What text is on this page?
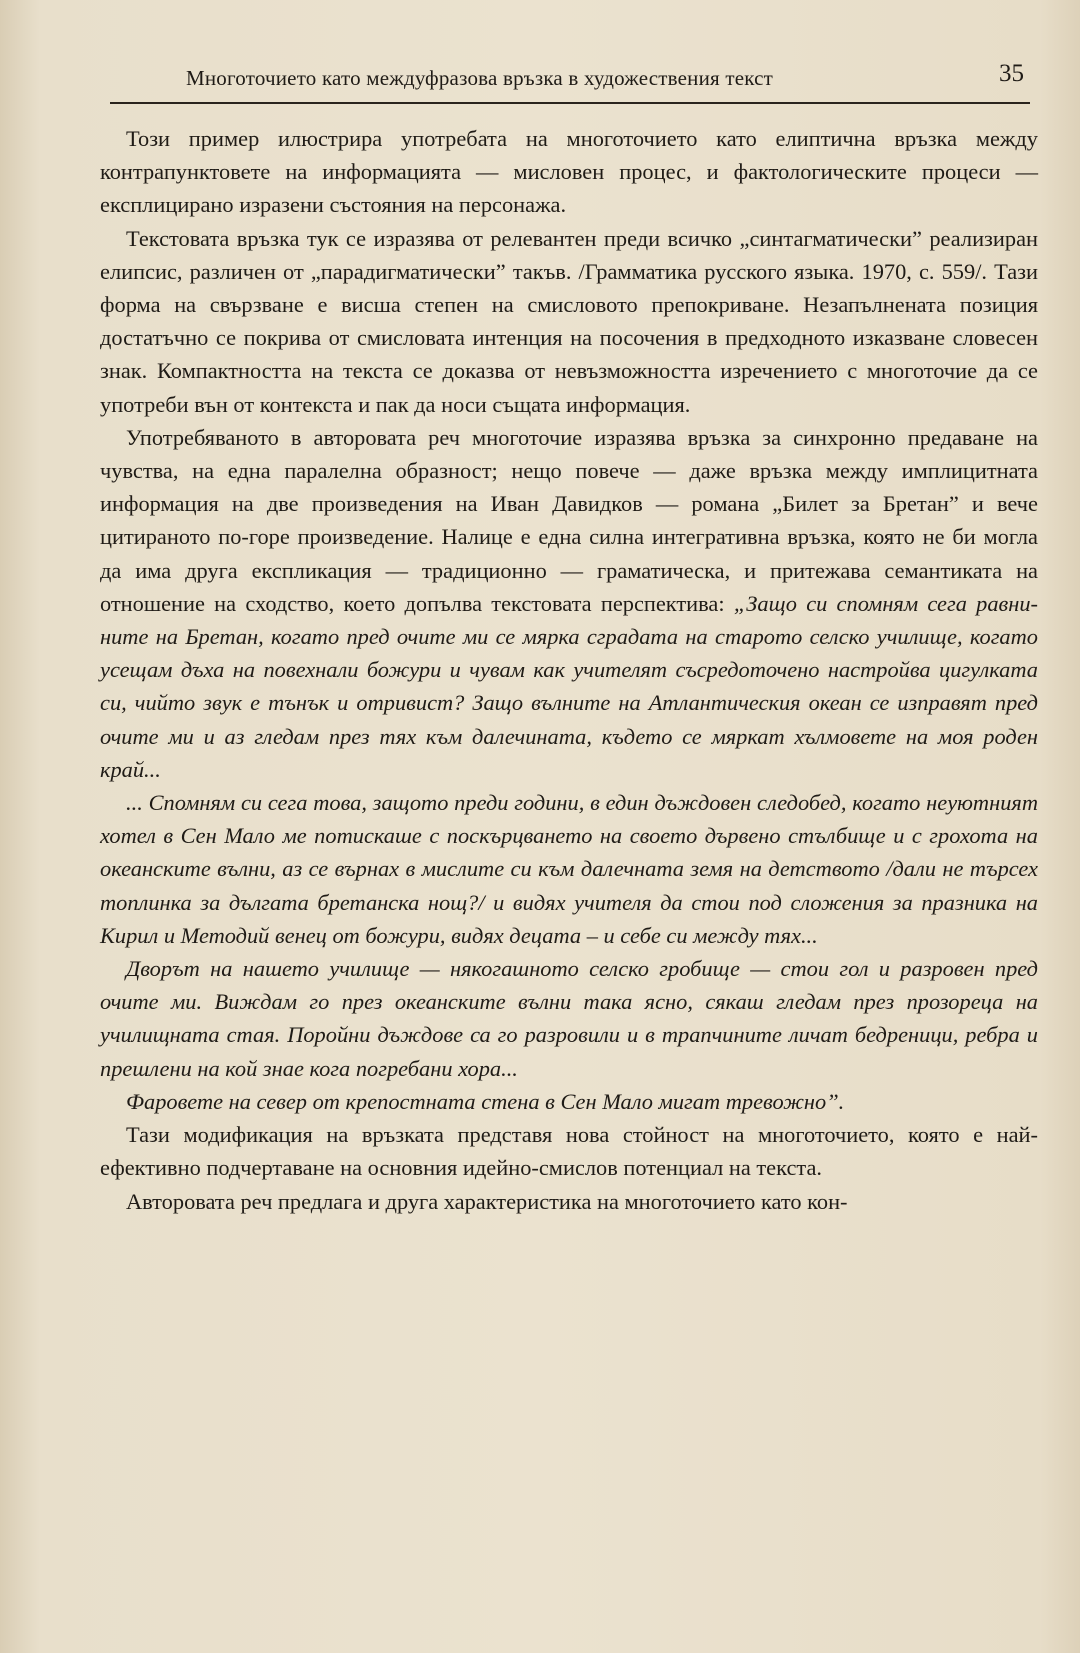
Многоточието като междуфразова връзка в художествения текст	35

Този пример илюстрира употребата на многоточието като елиптична връзка между контрапунктовете на информацията — мисловен процес, и фактологическите процеси — експлицирано изразени състояния на персонажа.

Текстовата връзка тук се изразява от релевантен преди всичко „синтагматически” реализиран елипсис, различен от „парадигматически” такъв. /Грамматика русского языка. 1970, с. 559/. Тази форма на свързване е висша степен на смисловото препокриване. Незапълнената позиция достатъчно се покрива от смисловата интенция на посочения в предходното изказване словесен знак. Компактността на текста се доказва от невъзможността изречението с многоточие да се употреби вън от контекста и пак да носи същата информация.

Употребяваното в авторовата реч многоточие изразява връзка за синхронно предаване на чувства, на една паралелна образност; нещо повече — даже връзка между имплицитната информация на две произведения на Иван Давидков — романа „Билет за Бретан” и вече цитираното по-горе произведение. Налице е една силна интегративна връзка, която не би могла да има друга експликация — традиционно — граматическа, и притежава семантиката на отношение на сходство, което допълва текстовата перспектива: „Защо си спомням сега равнините на Бретан, когато пред очите ми се мярка сградата на старото селско училище, когато усещам дъха на повехнали божури и чувам как учителят съсредоточено настройва цигулката си, чийто звук е тънък и отривист? Защо вълните на Атлантическия океан се изправят пред очите ми и аз гледам през тях към далечината, където се мяркат хълмовете на моя роден край...

... Спомням си сега това, защото преди години, в един дъждовен следобед, когато неуютният хотел в Сен Мало ме потискаше с поскърцването на своето дървено стълбище и с грохота на океанските вълни, аз се върнах в мислите си към далечната земя на детството /дали не търсех топлинка за дългата бретанска нощ?/ и видях учителя да стои под сложения за празника на Кирил и Методий венец от божури, видях децата – и себе си между тях...

Дворът на нашето училище — някогашното селско гробище — стои гол и разровен пред очите ми. Виждам го през океанските вълни така ясно, сякаш гледам през прозореца на училищната стая. Поройни дъждове са го разровили и в трапчините личат бедреници, ребра и прешлени на кой знае кога погребани хора...

Фаровете на север от крепостната стена в Сен Мало мигат тревожно”.

Тази модификация на връзката представя нова стойност на многоточието, която е най-ефективно подчертаване на основния идейно-смислов потенциал на текста.

Авторовата реч предлага и друга характеристика на многоточието като кон-
